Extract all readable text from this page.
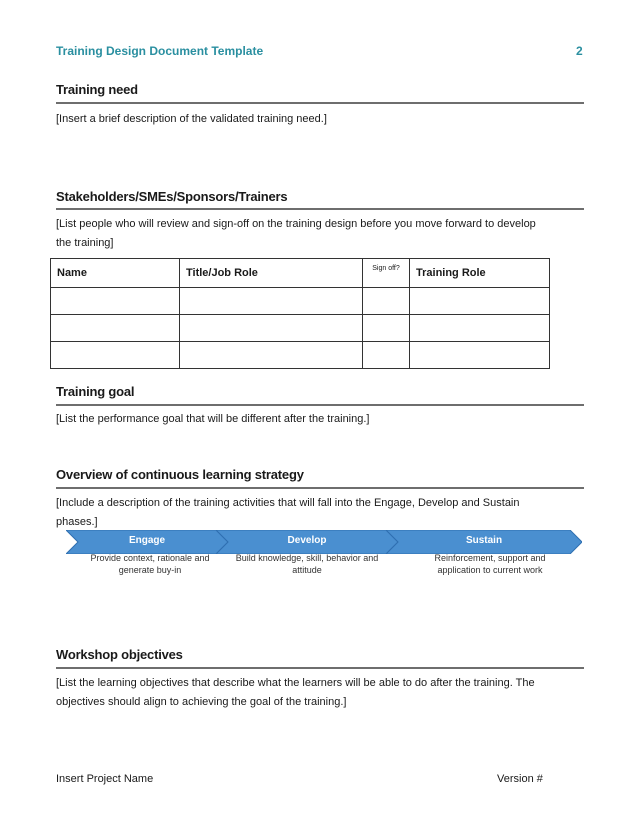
Training Design Document Template	2
Training need
[Insert a brief description of the validated training need.]
Stakeholders/SMEs/Sponsors/Trainers
[List people who will review and sign-off on the training design before you move forward to develop
the training]
Name	Title/Job Role	Sign off?	Training Role

Training goal
[List the performance goal that will be different after the training.]
Overview of continuous learning strategy
[Include a description of the training activities that will fall into the Engage, Develop and Sustain
phases.]
Engage	Develop	Sustain
Provide context, rationale and
generate buy-in
Build knowledge, skill, behavior and
attitude
Reinforcement, support and
application to current work
Workshop objectives
[List the learning objectives that describe what the learners will be able to do after the training. The
objectives should align to achieving the goal of the training.]
Insert Project Name	Version #
